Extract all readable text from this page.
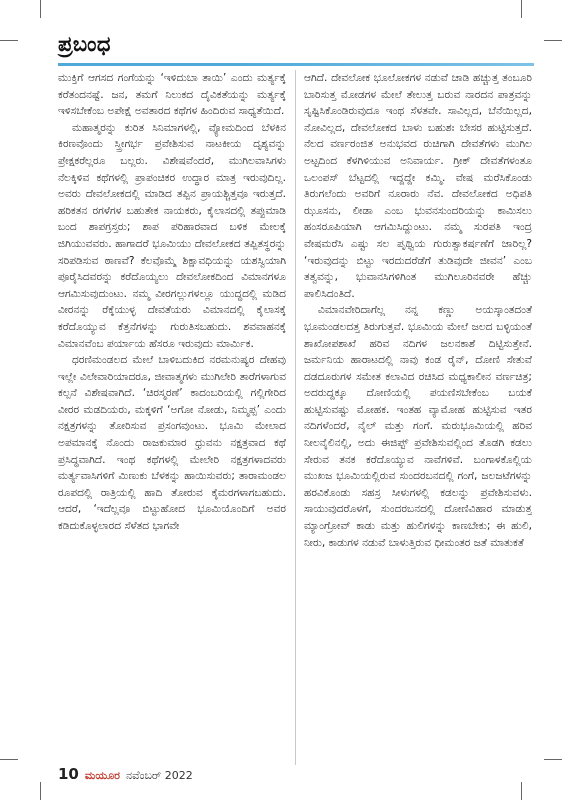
ಪ್ರಬಂಧ

ಮುಕ್ತಿಗೆ ಆಗಸದ ಗಂಗೆಯನ್ನು ‘ಇಳಿದುಬಾ ತಾಯಿ’ ಎಂದು ಮರ್ತ್ಯಕ್ಕೆ ಕರೆತಂದನಷ್ಟೆ. ಜನ, ತಮಗೆ ನಿಲುಕದ ದೈವಿಕತೆಯನ್ನು ಮರ್ತ್ಯಕ್ಕೆ ಇಳಿಸಬೇಕೆಂಬ ಅಪೇಕ್ಷೆ ಅವತಾರದ ಕಥೆಗಳ ಹಿಂದಿರುವ ಸಾಧ್ಯತೆಯಿದೆ.

ಮಹಾತ್ಮರನ್ನು ಕುರಿತ ಸಿನಿಮಾಗಳಲ್ಲಿ, ವ್ಯೋಮದಿಂದ ಬೆಳಕಿನ ಕಿರಣವೊಂದು ಸ್ತ್ರೀಗರ್ಭ ಪ್ರವೇಶಿಸುವ ನಾಟಕೀಯ ದೃಶ್ಯವನ್ನು ಪ್ರೇಕ್ಷಕರೆಲ್ಲರೂ ಬಲ್ಲರು. ವಿಶೇಷವೆಂದರೆ, ಮುಗಿಲವಾಸಿಗಳು ನೆಲಕ್ಕಿಳಿವ ಕಥೆಗಳಲ್ಲಿ ಪ್ರಾಪಂಚಿಕರ ಉದ್ಧಾರ ಮಾತ್ರ ಇರುವುದಿಲ್ಲ. ಅವರು ದೇವಲೋಕದಲ್ಲಿ ಮಾಡಿದ ತಪ್ಪಿನ ಪ್ರಾಯಶ್ಚಿತ್ತವೂ ಇರುತ್ತದೆ. ಹರಿಕತನ ರಗಳೆಗಳ ಬಹುತೇಕ ನಾಯಕರು, ಕೈಲಾಸದಲ್ಲಿ ತಪ್ಪುಮಾಡಿ ಬಂದ ಶಾಪಗ್ರಸ್ತರು; ಶಾಪ ಪರಿಹಾರವಾದ ಬಳಿಕ ಮೇಲಕ್ಕೆ ಜಿಗಿಯುವವರು. ಹಾಗಾದರೆ ಭೂಮಿಯು ದೇವಲೋಕದ ತಪ್ಪಿತಸ್ಥರನ್ನು ಸರಿಪಡಿಸುವ ಠಾಣವೆ? ಕೆಲವೊಮ್ಮೆ ಶಿಕ್ಷಾವಧಿಯನ್ನು ಯಶಸ್ವಿಯಾಗಿ ಪೂರೈಸಿದವರನ್ನು ಕರೆದೊಯ್ಯಲು ದೇವಲೋಕದಿಂದ ವಿಮಾನಗಳೂ ಆಗಮಿಸುವುದುಂಟು. ನಮ್ಮ ವೀರಗಲ್ಲುಗಳಲ್ಲೂ ಯುದ್ಧದಲ್ಲಿ ಮಡಿದ ವೀರನನ್ನು ರೆಕ್ಕೆಯುಳ್ಳ ದೇವತೆಯರು ವಿಮಾನದಲ್ಲಿ ಕೈಲಾಸಕ್ಕೆ ಕರೆದೊಯ್ಯುವ ಕೆತ್ತನೆಗಳನ್ನು ಗುರುತಿಸಬಹುದು. ಶವವಾಹನಕ್ಕೆ ವಿಮಾನವೆಂಬ ಪರ್ಯಾಯ ಹೆಸರೂ ಇರುವುದು ಮಾರ್ಮಿಕ.

ಧರಣಿಮಂಡಲದ ಮೇಲೆ ಬಾಳಿಬದುಕಿದ ನರಮನುಷ್ಯರ ದೇಹವು ಇಲ್ಲೇ ವಿಲೇವಾರಿಯಾದರೂ, ಜೀವಾತ್ಮಗಳು ಮುಗಿಲೇರಿ ತಾರೆಗಳಾಗುವ ಕಲ್ಪನೆ ವಿಶೇಷವಾಗಿದೆ. ‘ಚಿರಸ್ಮರಣೆ’ ಕಾದಂಬರಿಯಲ್ಲಿ ಗಲ್ಲಿಗೇರಿದ ವೀರರ ಮಡದಿಯರು, ಮಕ್ಕಳಿಗೆ ‘ಅಗೋ ನೋಡು, ನಿಮ್ಮಪ್ಪ’ ಎಂದು ನಕ್ಷತ್ರಗಳನ್ನು ತೋರಿಸುವ ಪ್ರಸಂಗವುಂಟು. ಭೂಮಿ ಮೇಲಾದ ಅಪಮಾನಕ್ಕೆ ನೊಂದು ರಾಜಕುಮಾರ ಧ್ರುವನು ನಕ್ಷತ್ರವಾದ ಕಥೆ ಪ್ರಸಿದ್ಧವಾಗಿದೆ. ಇಂಥ ಕಥೆಗಳಲ್ಲಿ ಮೇಲೇರಿ ನಕ್ಷತ್ರಗಳಾದವರು ಮರ್ತ್ಯವಾಸಿಗಳಿಗೆ ಮಿಣುಕು ಬೆಳಕನ್ನು ಹಾಯಿಸುವರು; ತಾರಾಮಂಡಲ ರೂಪದಲ್ಲಿ ರಾತ್ರಿಯಲ್ಲಿ ಹಾದಿ ತೋರುವ ಕೈಮರಗಳಾಗಬಹುದು. ಆದರೆ, ‘ಇದೆಲ್ಲವೂ ಬಿಟ್ಟುಹೋದ ಭೂಮಿಯೊಂದಿಗೆ ಅವರ ಕಡಿದುಕೊಳ್ಳಲಾರದ ಸೆಳೆತದ ಭಾಗವೇ

ಆಗಿದೆ. ದೇವಲೋಕ ಭೂಲೋಕಗಳ ನಡುವೆ ಚಾಡಿ ಹಚ್ಚುತ್ತ ತಂಬೂರಿ ಬಾರಿಸುತ್ತ ಮೋಡಗಳ ಮೇಲೆ ತೇಲುತ್ತ ಬರುವ ನಾರದನ ಪಾತ್ರವನ್ನು ಸೃಷ್ಟಿಸಿಕೊಂಡಿರುವುದೂ ಇಂಥ ಸೆಳತವೇ. ಸಾವಿಲ್ಲದ, ಬೆನೆಯಿಲ್ಲದ, ನೋವಿಲ್ಲದ, ದೇವಲೋಕದ ಬಾಳು ಬಹುಶಃ ಬೇಸರ ಹುಟ್ಟಿಸುತ್ತದೆ. ನೆಲದ ವರ್ಣರಂಜಿತ ಅನುಭವದ ರುಚಿಗಾಗಿ ದೇವತೆಗಳು ಮುಗಿಲ ಅಟ್ಟದಿಂದ ಕೆಳಗಿಳಿಯುವ ಅನಿವಾರ್ಯ. ಗ್ರೀಕ್ ದೇವತೆಗಳಂತೂ ಒಲಂಪಸ್ ಬೆಟ್ಟದಲ್ಲಿ ಇದ್ದದ್ದೇ ಕಮ್ಮಿ. ವೇಷ ಮರೆಸಿಕೊಂಡು ತಿರುಗಲೆಂದು ಅವರಿಗೆ ನೂರಾರು ನೆವ. ದೇವಲೋಕದ ಅಧಿಪತಿ ಝೂಸನು, ಲೀಡಾ ಎಂಬ ಭುವನಸುಂದರಿಯನ್ನು ಕಾಮಿಸಲು ಹಂಸರೂಪಿಯಾಗಿ ಆಗಮಿಸಿದ್ದುಂಟು. ನಮ್ಮ ಸುರಪತಿ ಇಂದ್ರ ವೇಷಮರೆಸಿ ಎಷ್ಟು ಸಲ ಪೃಥ್ವಿಯ ಗುರುತ್ವಾಕರ್ಷಣೆಗೆ ಜಾರಿಲ್ಲ? ‘ಇರುವುದನ್ನು ಬಿಟ್ಟು ಇರದುದರೆಡೆಗೆ ತುಡಿವುದೇ ಜೀವನ’ ಎಂಬ ತತ್ವವನ್ನು, ಭುವಾನಸಿಗಳಿಗಿಂತ ಮುಗಿಲೂರಿನವರೇ ಹೆಚ್ಚು ಪಾಲಿಸಿದಂತಿದೆ.

ವಿಮಾನವೇರಿದಾಗೆಲ್ಲ ನನ್ನ ಕಣ್ಣು ಅಯಸ್ಕಾಂತದಂತೆ ಭೂಮಂಡಲದತ್ತ ತಿರುಗುತ್ತವೆ. ಭೂಮಿಯ ಮೇಲೆ ಜಲದ ಬಳ್ಳಿಯಂತೆ ಶಾಖೋಪಶಾಖೆ ಹರಿವ ನದಿಗಳ ಜಲನಕಾಶೆ ದಿಟ್ಟಿಸುತ್ತೇನೆ. ಜರ್ಮನಿಯ ಹಾರಾಟದಲ್ಲಿ ನಾವು ಕಂಡ ರೈನ್, ದೋಣಿ ಸೇತುವೆ ದಡದೂರುಗಳ ಸಮೇತ ಕಲಾವಿದ ರಚಿಸಿದ ಮಧ್ಯಕಾಲೀನ ವರ್ಣಚಿತ್ರ; ಅದರುದ್ದಕ್ಕೂ ದೋಣಿಯಲ್ಲಿ ಪಯಣಿಸಬೇಕೆಂಬ ಬಯಕೆ ಹುಟ್ಟಿಸುವಷ್ಟು ಮೋಹಕ. ಇಂತಹ ವ್ಯಾಮೋಹ ಹುಟ್ಟಿಸುವ ಇತರ ನದಿಗಳೆಂದರೆ, ನೈಲ್ ಮತ್ತು ಗಂಗೆ. ಮರುಭೂಮಿಯಲ್ಲಿ ಹರಿವ ನೀಲನೈಲಿನಲ್ಲಿ, ಅದು ಈಜಿಪ್ಟ್ ಪ್ರವೇಶಿಸುವಲ್ಲಿಂದ ತೊಡಗಿ ಕಡಲು ಸೇರುವ ತನಕ ಕರೆದೊಯ್ಯುವ ನಾವೆಗಳಿವೆ. ಬಂಗಾಳಕೊಲ್ಲಿಯ ಮುಖಜ ಭೂಮಿಯಲ್ಲಿರುವ ಸುಂದರಬನದಲ್ಲಿ ಗಂಗೆ, ಜಲಜಟೆಗಳನ್ನು ಹರವಿಕೊಂಡು ಸಹಸ್ರ ಸೀಳುಗಳಲ್ಲಿ ಕಡಲನ್ನು ಪ್ರವೇಶಿಸುವಳು. ಸಾಯುವುದರೊಳಗೆ, ಸುಂದರಬನದಲ್ಲಿ ದೋಣಿವಿಹಾರ ಮಾಡುತ್ತ ಮ್ಯಾಂಗ್ರೋವ್ ಕಾಡು ಮತ್ತು ಹುಲಿಗಳನ್ನು ಕಾಣಬೇಕು; ಈ ಹುಲಿ, ನೀರು, ಕಾಡುಗಳ ನಡುವೆ ಬಾಳುತ್ತಿರುವ ಧೀಮಂತರ ಜತೆ ಮಾತುಕತೆ

10 ಮಯೂರ ನವೆಂಬರ್ 2022
